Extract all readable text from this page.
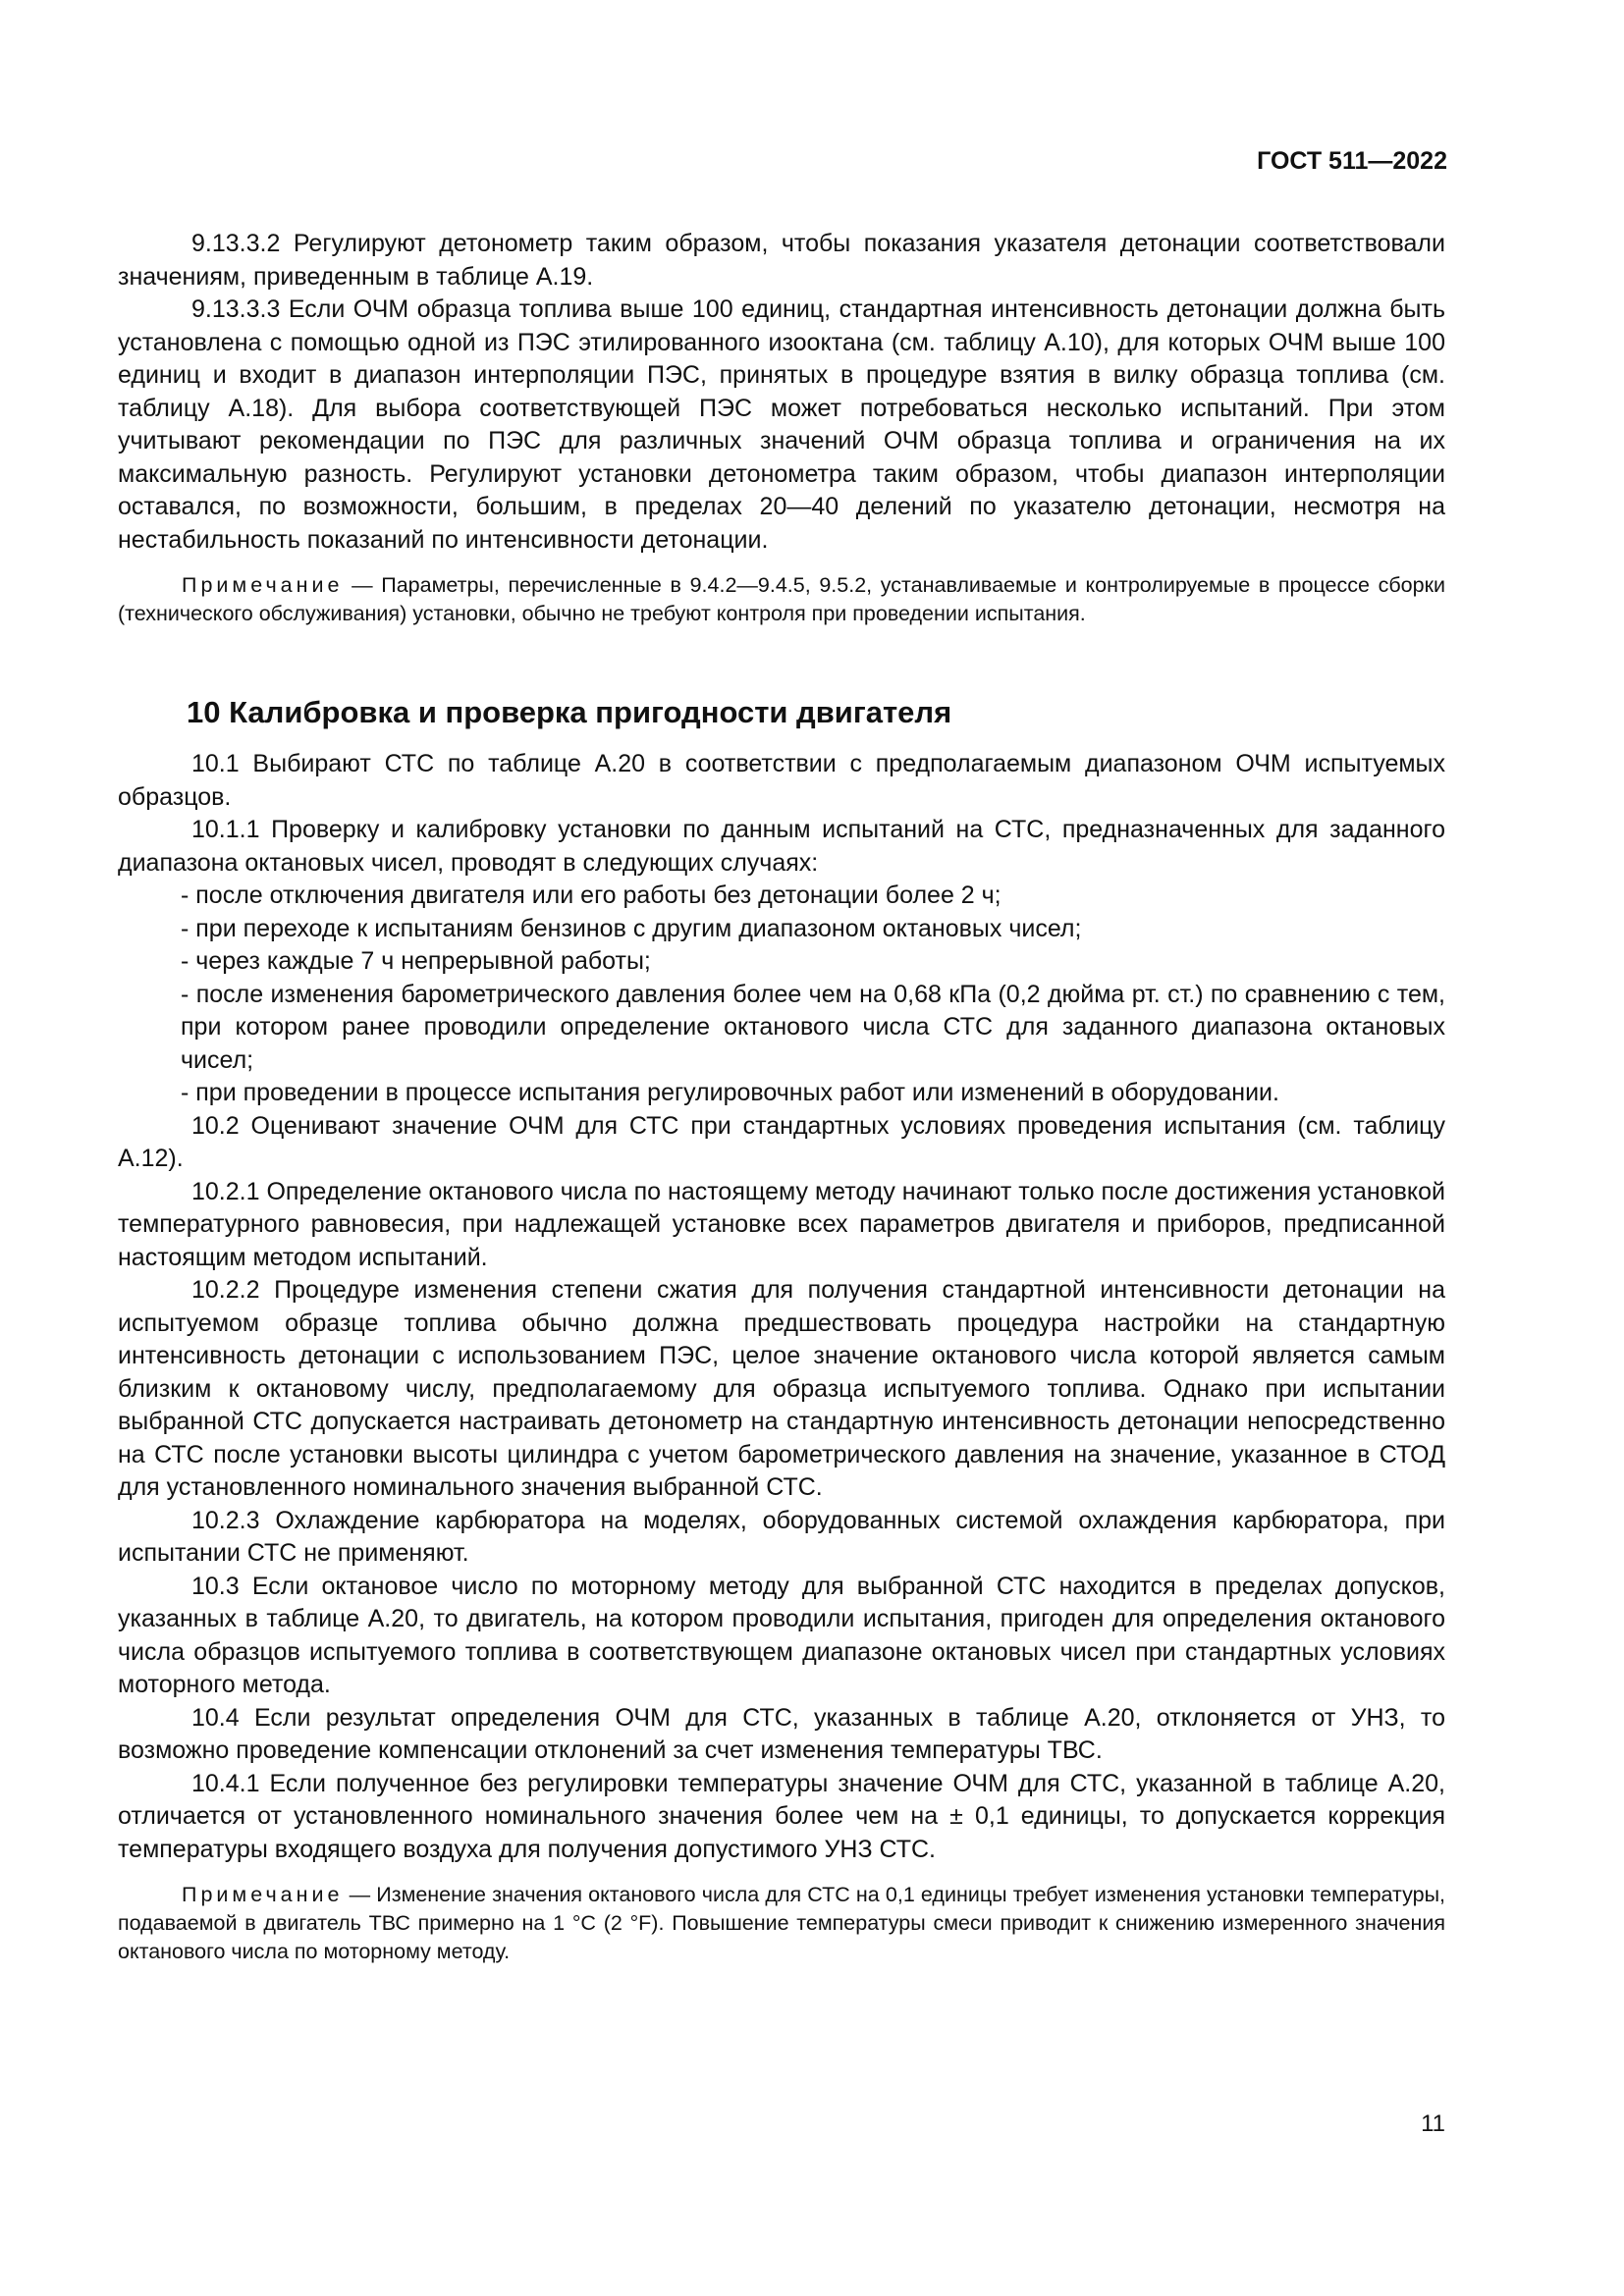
ГОСТ 511—2022

9.13.3.2 Регулируют детонометр таким образом, чтобы показания указателя детонации соответствовали значениям, приведенным в таблице А.19.

9.13.3.3 Если ОЧМ образца топлива выше 100 единиц, стандартная интенсивность детонации должна быть установлена с помощью одной из ПЭС этилированного изооктана (см. таблицу А.10), для которых ОЧМ выше 100 единиц и входит в диапазон интерполяции ПЭС, принятых в процедуре взятия в вилку образца топлива (см. таблицу А.18). Для выбора соответствующей ПЭС может потребоваться несколько испытаний. При этом учитывают рекомендации по ПЭС для различных значений ОЧМ образца топлива и ограничения на их максимальную разность. Регулируют установки детонометра таким образом, чтобы диапазон интерполяции оставался, по возможности, большим, в пределах 20—40 делений по указателю детонации, несмотря на нестабильность показаний по интенсивности детонации.

Примечание — Параметры, перечисленные в 9.4.2—9.4.5, 9.5.2, устанавливаемые и контролируемые в процессе сборки (технического обслуживания) установки, обычно не требуют контроля при проведении испытания.

10 Калибровка и проверка пригодности двигателя

10.1 Выбирают СТС по таблице А.20 в соответствии с предполагаемым диапазоном ОЧМ испытуемых образцов.

10.1.1 Проверку и калибровку установки по данным испытаний на СТС, предназначенных для заданного диапазона октановых чисел, проводят в следующих случаях:

- после отключения двигателя или его работы без детонации более 2 ч;

- при переходе к испытаниям бензинов с другим диапазоном октановых чисел;

- через каждые 7 ч непрерывной работы;

- после изменения барометрического давления более чем на 0,68 кПа (0,2 дюйма рт. ст.) по сравнению с тем, при котором ранее проводили определение октанового числа СТС для заданного диапазона октановых чисел;

- при проведении в процессе испытания регулировочных работ или изменений в оборудовании.

10.2 Оценивают значение ОЧМ для СТС при стандартных условиях проведения испытания (см. таблицу А.12).

10.2.1 Определение октанового числа по настоящему методу начинают только после достижения установкой температурного равновесия, при надлежащей установке всех параметров двигателя и приборов, предписанной настоящим методом испытаний.

10.2.2 Процедуре изменения степени сжатия для получения стандартной интенсивности детонации на испытуемом образце топлива обычно должна предшествовать процедура настройки на стандартную интенсивность детонации с использованием ПЭС, целое значение октанового числа которой является самым близким к октановому числу, предполагаемому для образца испытуемого топлива. Однако при испытании выбранной СТС допускается настраивать детонометр на стандартную интенсивность детонации непосредственно на СТС после установки высоты цилиндра с учетом барометрического давления на значение, указанное в СТОД для установленного номинального значения выбранной СТС.

10.2.3 Охлаждение карбюратора на моделях, оборудованных системой охлаждения карбюратора, при испытании СТС не применяют.

10.3 Если октановое число по моторному методу для выбранной СТС находится в пределах допусков, указанных в таблице А.20, то двигатель, на котором проводили испытания, пригоден для определения октанового числа образцов испытуемого топлива в соответствующем диапазоне октановых чисел при стандартных условиях моторного метода.

10.4 Если результат определения ОЧМ для СТС, указанных в таблице А.20, отклоняется от УНЗ, то возможно проведение компенсации отклонений за счет изменения температуры ТВС.

10.4.1 Если полученное без регулировки температуры значение ОЧМ для СТС, указанной в таблице А.20, отличается от установленного номинального значения более чем на ± 0,1 единицы, то допускается коррекция температуры входящего воздуха для получения допустимого УНЗ СТС.

Примечание — Изменение значения октанового числа для СТС на 0,1 единицы требует изменения установки температуры, подаваемой в двигатель ТВС примерно на 1 °С (2 °F). Повышение температуры смеси приводит к снижению измеренного значения октанового числа по моторному методу.

11
